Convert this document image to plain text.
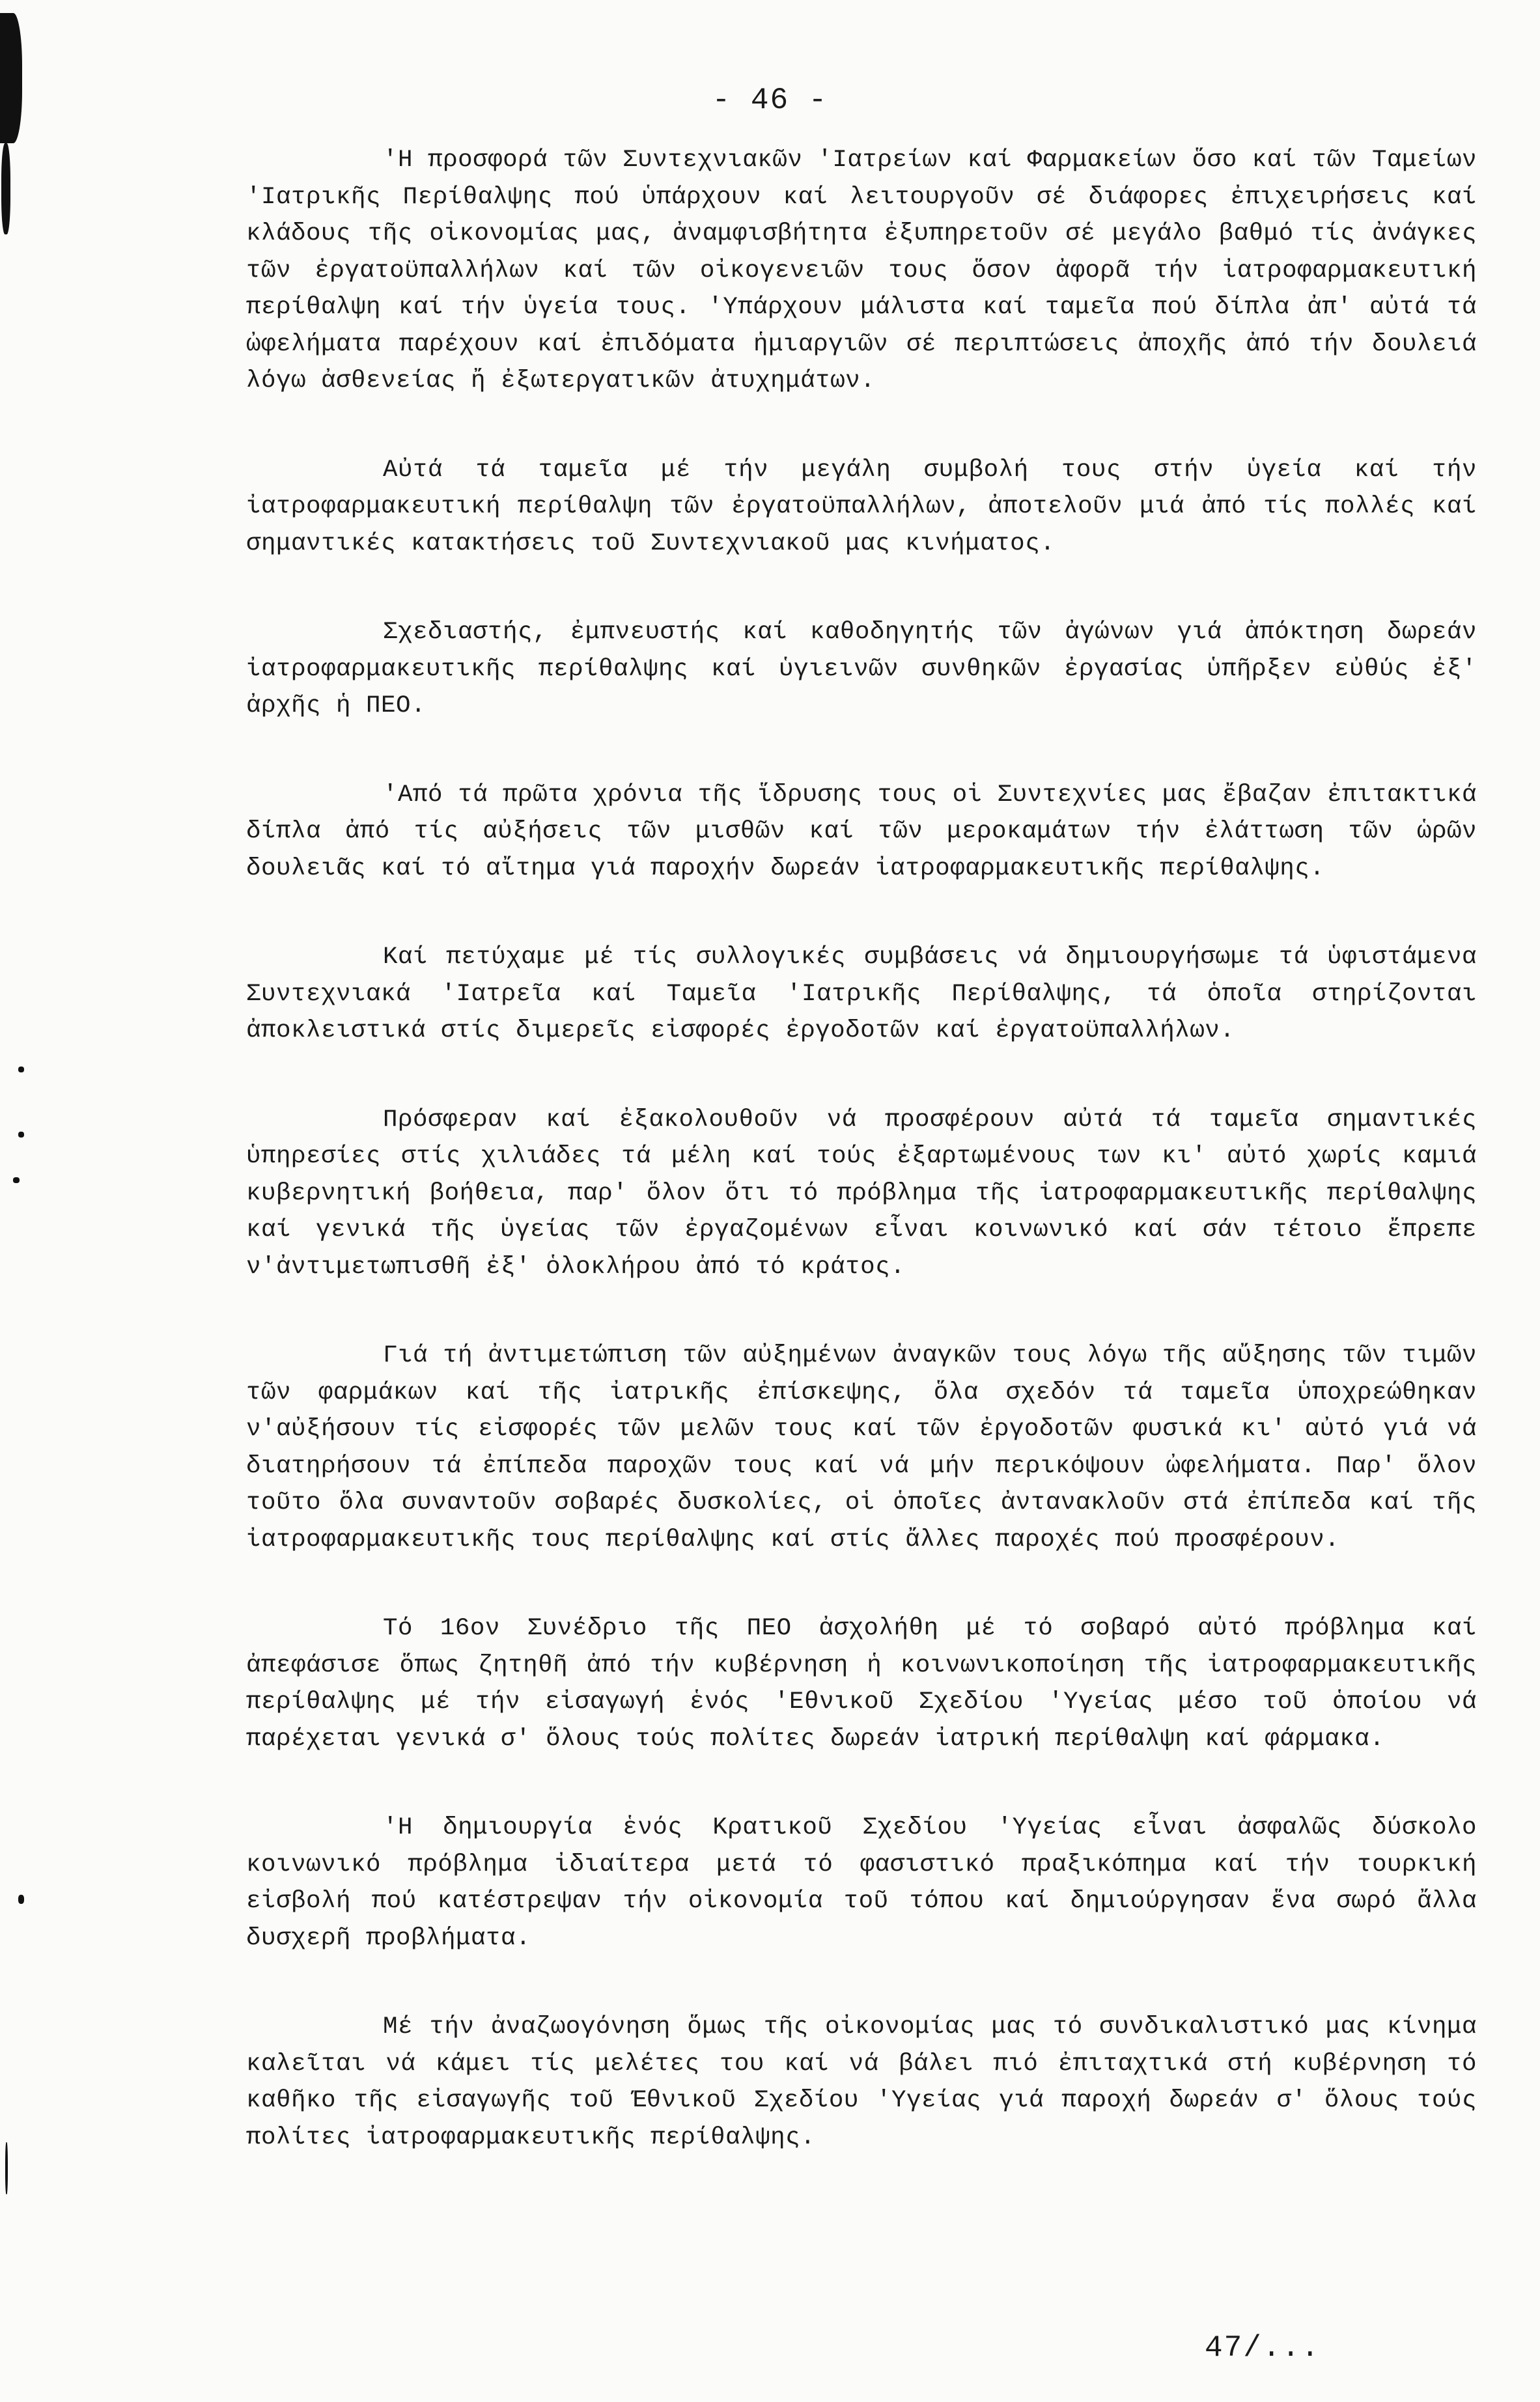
- 46 -

'Η προσφορά τῶν Συντεχνιακῶν 'Ιατρείων καί Φαρμακείων ὅσο καί τῶν Ταμείων 'Ιατρικῆς Περίθαλψης πού ὑπάρχουν καί λειτουργοῦν σέ διάφορες ἐπιχειρήσεις καί κλάδους τῆς οἰκονομίας μας, ἀναμφισβήτητα ἐξυπηρετοῦν σέ μεγάλο βαθμό τίς ἀνάγκες τῶν ἐργατοϋπαλλήλων καί τῶν οἰκογενειῶν τους ὅσον ἀφορᾶ τήν ἰατροφαρμακευτική περίθαλψη καί τήν ὑγεία τους. 'Υπάρχουν μάλιστα καί ταμεῖα πού δίπλα ἀπ' αὐτά τά ὠφελήματα παρέχουν καί ἐπιδόματα ἡμιαργιῶν σέ περιπτώσεις ἀποχῆς ἀπό τήν δουλειά λόγω ἀσθενείας ἤ ἐξωτεργατικῶν ἀτυχημάτων.

Αὐτά τά ταμεῖα μέ τήν μεγάλη συμβολή τους στήν ὑγεία καί τήν ἰατροφαρμακευτική περίθαλψη τῶν ἐργατοϋπαλλήλων, ἀποτελοῦν μιά ἀπό τίς πολλές καί σημαντικές κατακτήσεις τοῦ Συντεχνιακοῦ μας κινήματος.

Σχεδιαστής, ἐμπνευστής καί καθοδηγητής τῶν ἀγώνων γιά ἀπόκτηση δωρεάν ἰατροφαρμακευτικῆς περίθαλψης καί ὑγιεινῶν συνθηκῶν ἐργασίας ὑπῆρξεν εὐθύς ἐξ' ἀρχῆς ἡ ΠΕΟ.

'Από τά πρῶτα χρόνια τῆς ἵδρυσης τους οἱ Συντεχνίες μας ἔβαζαν ἐπιτακτικά δίπλα ἀπό τίς αὐξήσεις τῶν μισθῶν καί τῶν μεροκαμάτων τήν ἐλάττωση τῶν ὡρῶν δουλειᾶς καί τό αἴτημα γιά παροχήν δωρεάν ἰατροφαρμακευτικῆς περίθαλψης.

Καί πετύχαμε μέ τίς συλλογικές συμβάσεις νά δημιουργήσωμε τά ὑφιστάμενα Συντεχνιακά 'Ιατρεῖα καί Ταμεῖα 'Ιατρικῆς Περίθαλψης, τά ὁποῖα στηρίζονται ἀποκλειστικά στίς διμερεῖς εἰσφορές ἐργοδοτῶν καί ἐργατοϋπαλλήλων.

Πρόσφεραν καί ἐξακολουθοῦν νά προσφέρουν αὐτά τά ταμεῖα σημαντικές ὑπηρεσίες στίς χιλιάδες τά μέλη καί τούς ἐξαρτωμένους των κι' αὐτό χωρίς καμιά κυβερνητική βοήθεια, παρ' ὅλον ὅτι τό πρόβλημα τῆς ἰατροφαρμακευτικῆς περίθαλψης καί γενικά τῆς ὑγείας τῶν ἐργαζομένων εἶναι κοινωνικό καί σάν τέτοιο ἔπρεπε ν'ἀντιμετωπισθῆ ἐξ' ὁλοκλήρου ἀπό τό κράτος.

Γιά τή ἀντιμετώπιση τῶν αὐξημένων ἀναγκῶν τους λόγω τῆς αὔξησης τῶν τιμῶν τῶν φαρμάκων καί τῆς ἰατρικῆς ἐπίσκεψης, ὅλα σχεδόν τά ταμεῖα ὑποχρεώθηκαν ν'αὐξήσουν τίς εἰσφορές τῶν μελῶν τους καί τῶν ἐργοδοτῶν φυσικά κι' αὐτό γιά νά διατηρήσουν τά ἐπίπεδα παροχῶν τους καί νά μήν περικόψουν ὠφελήματα. Παρ' ὅλον τοῦτο ὅλα συναντοῦν σοβαρές δυσκολίες, οἱ ὁποῖες ἀντανακλοῦν στά ἐπίπεδα καί τῆς ἰατροφαρμακευτικῆς τους περίθαλψης καί στίς ἄλλες παροχές πού προσφέρουν.

Τό 16ον Συνέδριο τῆς ΠΕΟ ἀσχολήθη μέ τό σοβαρό αὐτό πρόβλημα καί ἀπεφάσισε ὅπως ζητηθῆ ἀπό τήν κυβέρνηση ἡ κοινωνικοποίηση τῆς ἰατροφαρμακευτικῆς περίθαλψης μέ τήν εἰσαγωγή ἑνός 'Εθνικοῦ Σχεδίου 'Υγείας μέσο τοῦ ὁποίου νά παρέχεται γενικά σ' ὅλους τούς πολίτες δωρεάν ἰατρική περίθαλψη καί φάρμακα.

'Η δημιουργία ἑνός Κρατικοῦ Σχεδίου 'Υγείας εἶναι ἀσφαλῶς δύσκολο κοινωνικό πρόβλημα ἰδιαίτερα μετά τό φασιστικό πραξικόπημα καί τήν τουρκική εἰσβολή πού κατέστρεψαν τήν οἰκονομία τοῦ τόπου καί δημιούργησαν ἕνα σωρό ἄλλα δυσχερῆ προβλήματα.

Μέ τήν ἀναζωογόνηση ὅμως τῆς οἰκονομίας μας τό συνδικαλιστικό μας κίνημα καλεῖται νά κάμει τίς μελέτες του καί νά βάλει πιό ἐπιταχτικά στή κυβέρνηση τό καθῆκο τῆς εἰσαγωγῆς τοῦ Έθνικοῦ Σχεδίου 'Υγείας γιά παροχή δωρεάν σ' ὅλους τούς πολίτες ἰατροφαρμακευτικῆς περίθαλψης.

47/...
